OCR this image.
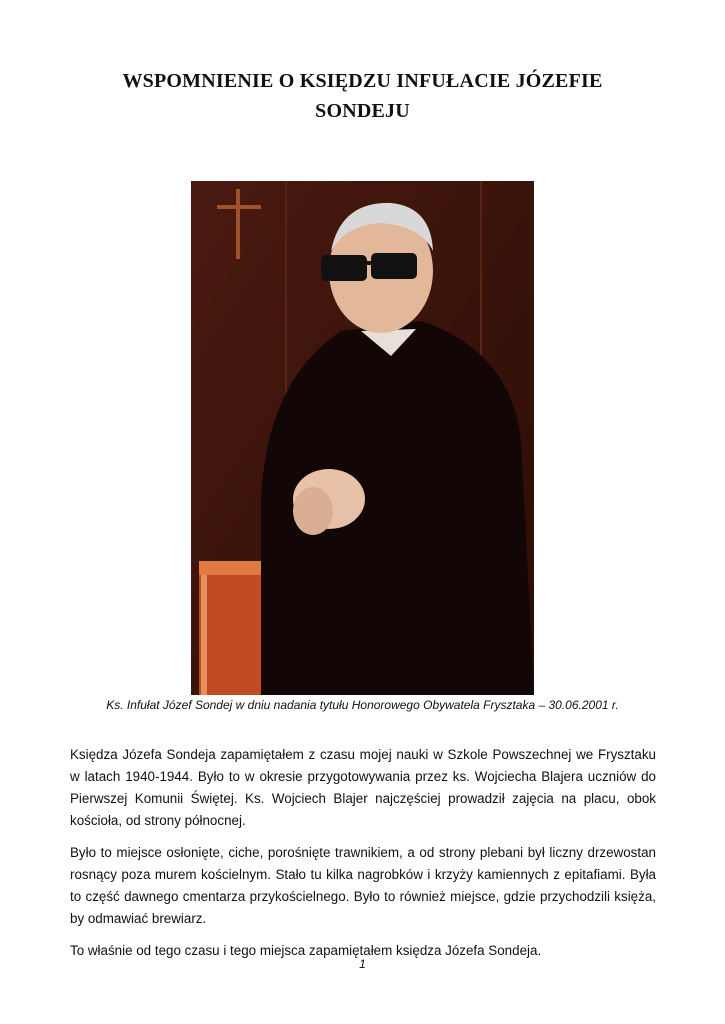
WSPOMNIENIE O KSIĘDZU INFUŁACIE JÓZEFIE SONDEJU
Ks. Infułat Józef Sondej w dniu nadania tytułu Honorowego Obywatela Frysztaka – 30.06.2001 r.

Księdza Józefa Sondeja zapamiętałem z czasu mojej nauki w Szkole Powszechnej we Frysztaku w latach 1940-1944. Było to w okresie przygotowywania przez ks. Wojciecha Blajera uczniów do Pierwszej Komunii Świętej. Ks. Wojciech Blajer najczęściej prowadził zajęcia na placu, obok kościoła, od strony północnej.

Było to miejsce osłonięte, ciche, porośnięte trawnikiem, a od strony plebani był liczny drzewostan rosnący poza murem kościelnym. Stało tu kilka nagrobków i krzyży kamiennych z epitafiami. Była to część dawnego cmentarza przykościelnego. Było to również miejsce, gdzie przychodzili księża, by odmawiać brewiarz.

To właśnie od tego czasu i tego miejsca zapamiętałem księdza Józefa Sondeja.

1
